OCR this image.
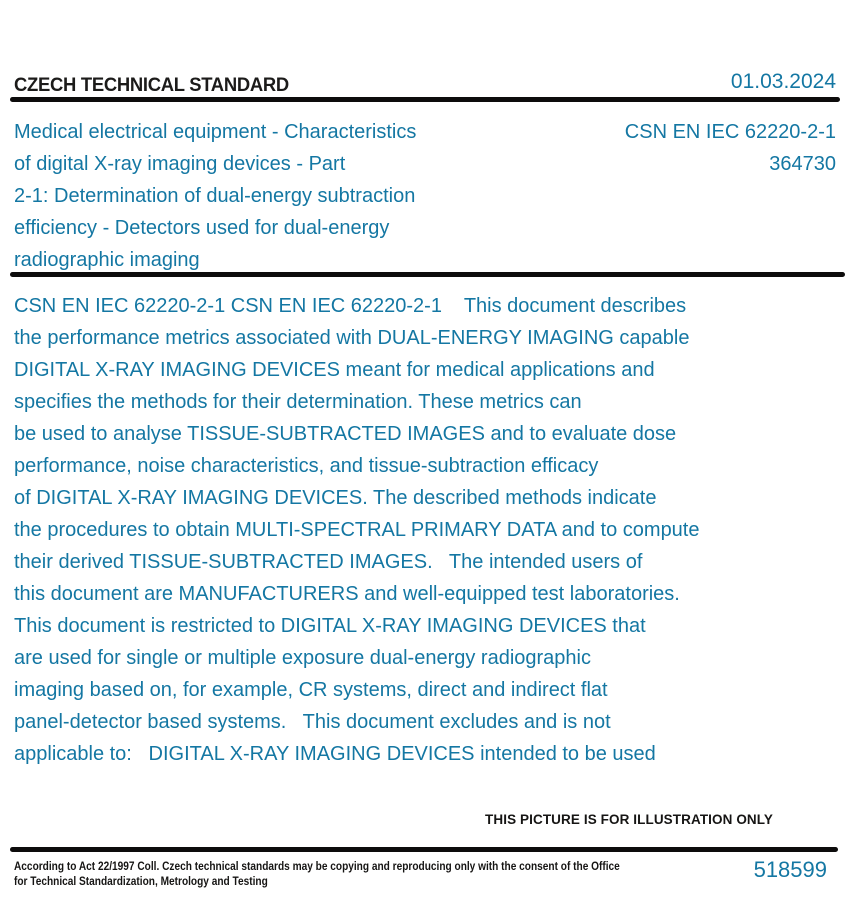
CZECH TECHNICAL STANDARD	01.03.2024
Medical electrical equipment - Characteristics
of digital X-ray imaging devices - Part
2-1: Determination of dual-energy subtraction
efficiency - Detectors used for dual-energy
radiographic imaging
CSN EN IEC 62220-2-1
364730
CSN EN IEC 62220-2-1 CSN EN IEC 62220-2-1    This document describes
the performance metrics associated with DUAL-ENERGY IMAGING capable
DIGITAL X-RAY IMAGING DEVICES meant for medical applications and
specifies the methods for their determination. These metrics can
be used to analyse TISSUE-SUBTRACTED IMAGES and to evaluate dose
performance, noise characteristics, and tissue-subtraction efficacy
of DIGITAL X-RAY IMAGING DEVICES. The described methods indicate
the procedures to obtain MULTI-SPECTRAL PRIMARY DATA and to compute
their derived TISSUE-SUBTRACTED IMAGES.   The intended users of
this document are MANUFACTURERS and well-equipped test laboratories.
This document is restricted to DIGITAL X-RAY IMAGING DEVICES that
are used for single or multiple exposure dual-energy radiographic
imaging based on, for example, CR systems, direct and indirect flat
panel-detector based systems.   This document excludes and is not
applicable to:   DIGITAL X-RAY IMAGING DEVICES intended to be used
THIS PICTURE IS FOR ILLUSTRATION ONLY
According to Act 22/1997 Coll. Czech technical standards may be copying and reproducing only with the consent of the Office
for Technical Standardization, Metrology and Testing	518599
